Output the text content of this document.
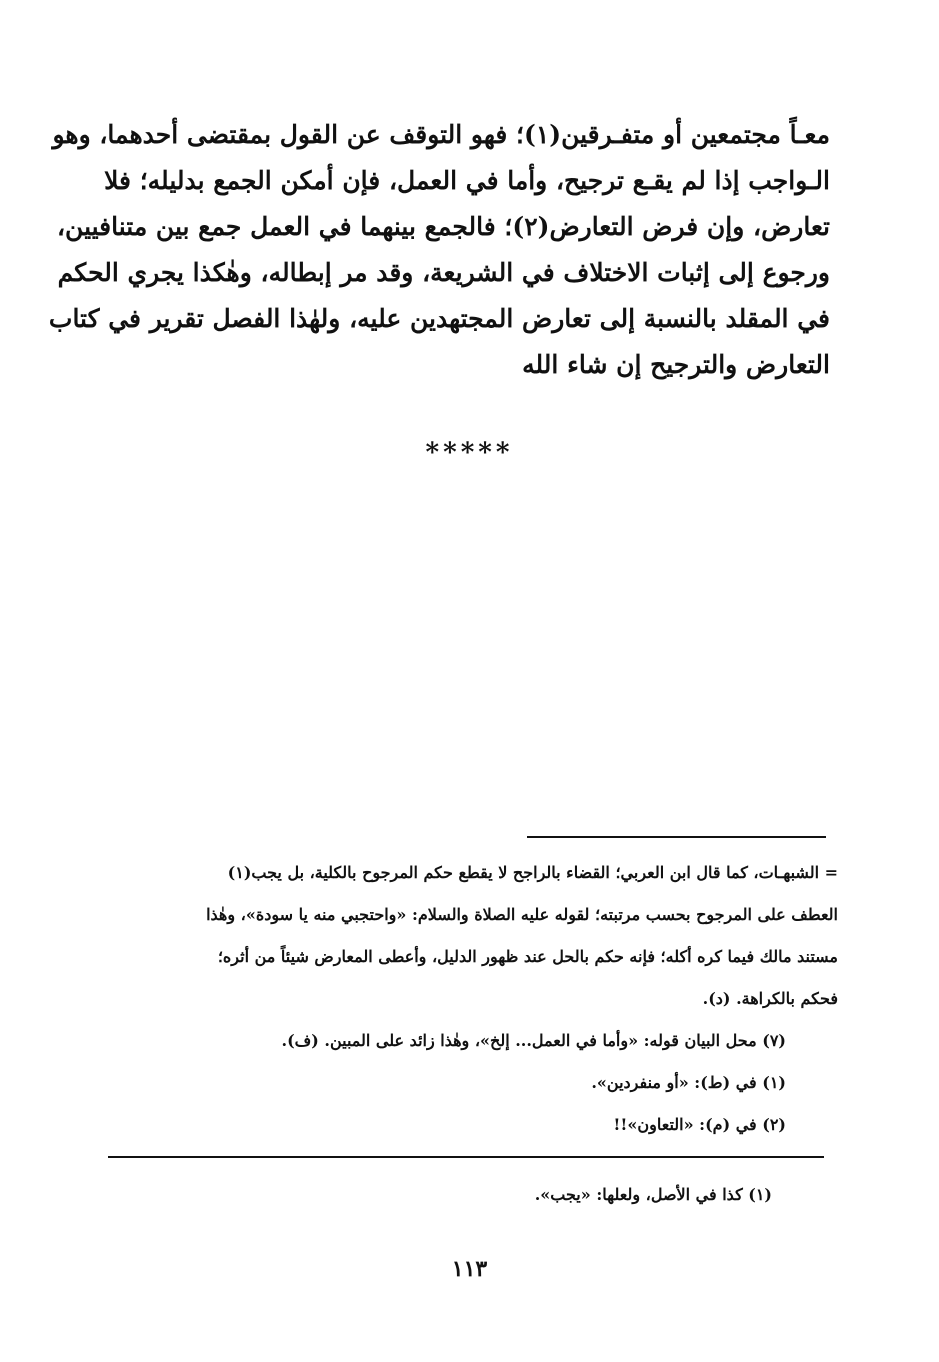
معـاً مجتمعين أو متفـرقين(١)؛ فهو التوقف عن القول بمقتضى أحدهما، وهو
الـواجب إذا لم يقـع ترجيح، وأما في العمل، فإن أمكن الجمع بدليله؛ فلا
تعارض، وإن فرض التعارض(٢)؛ فالجمع بينهما في العمل جمع بين متنافيين،
ورجوع إلى إثبات الاختلاف في الشريعة، وقد مر إبطاله، وهٰكذا يجري الحكم
في المقلد بالنسبة إلى تعارض المجتهدين عليه، ولهٰذا الفصل تقرير في كتاب
التعارض والترجيح إن شاء الله
*****
= الشبهـات، كما قال ابن العربي؛ القضاء بالراجح لا يقطع حكم المرجوح بالكلية، بل يجب(١)
العطف على المرجوح بحسب مرتبته؛ لقوله عليه الصلاة والسلام: «واحتجبي منه يا سودة»، وهٰذا
مستند مالك فيما كره أكله؛ فإنه حكم بالحل عند ظهور الدليل، وأعطى المعارض شيئاً من أثره؛
فحكم بالكراهة. (د).
(٧) محل البيان قوله: «وأما في العمل... إلخ»، وهٰذا زائد على المبين. (ف).
(١) في (ط): «أو منفردين».
(٢) في (م): «التعاون»!!
(١) كذا في الأصل، ولعلها: «يجب».
١١٣
